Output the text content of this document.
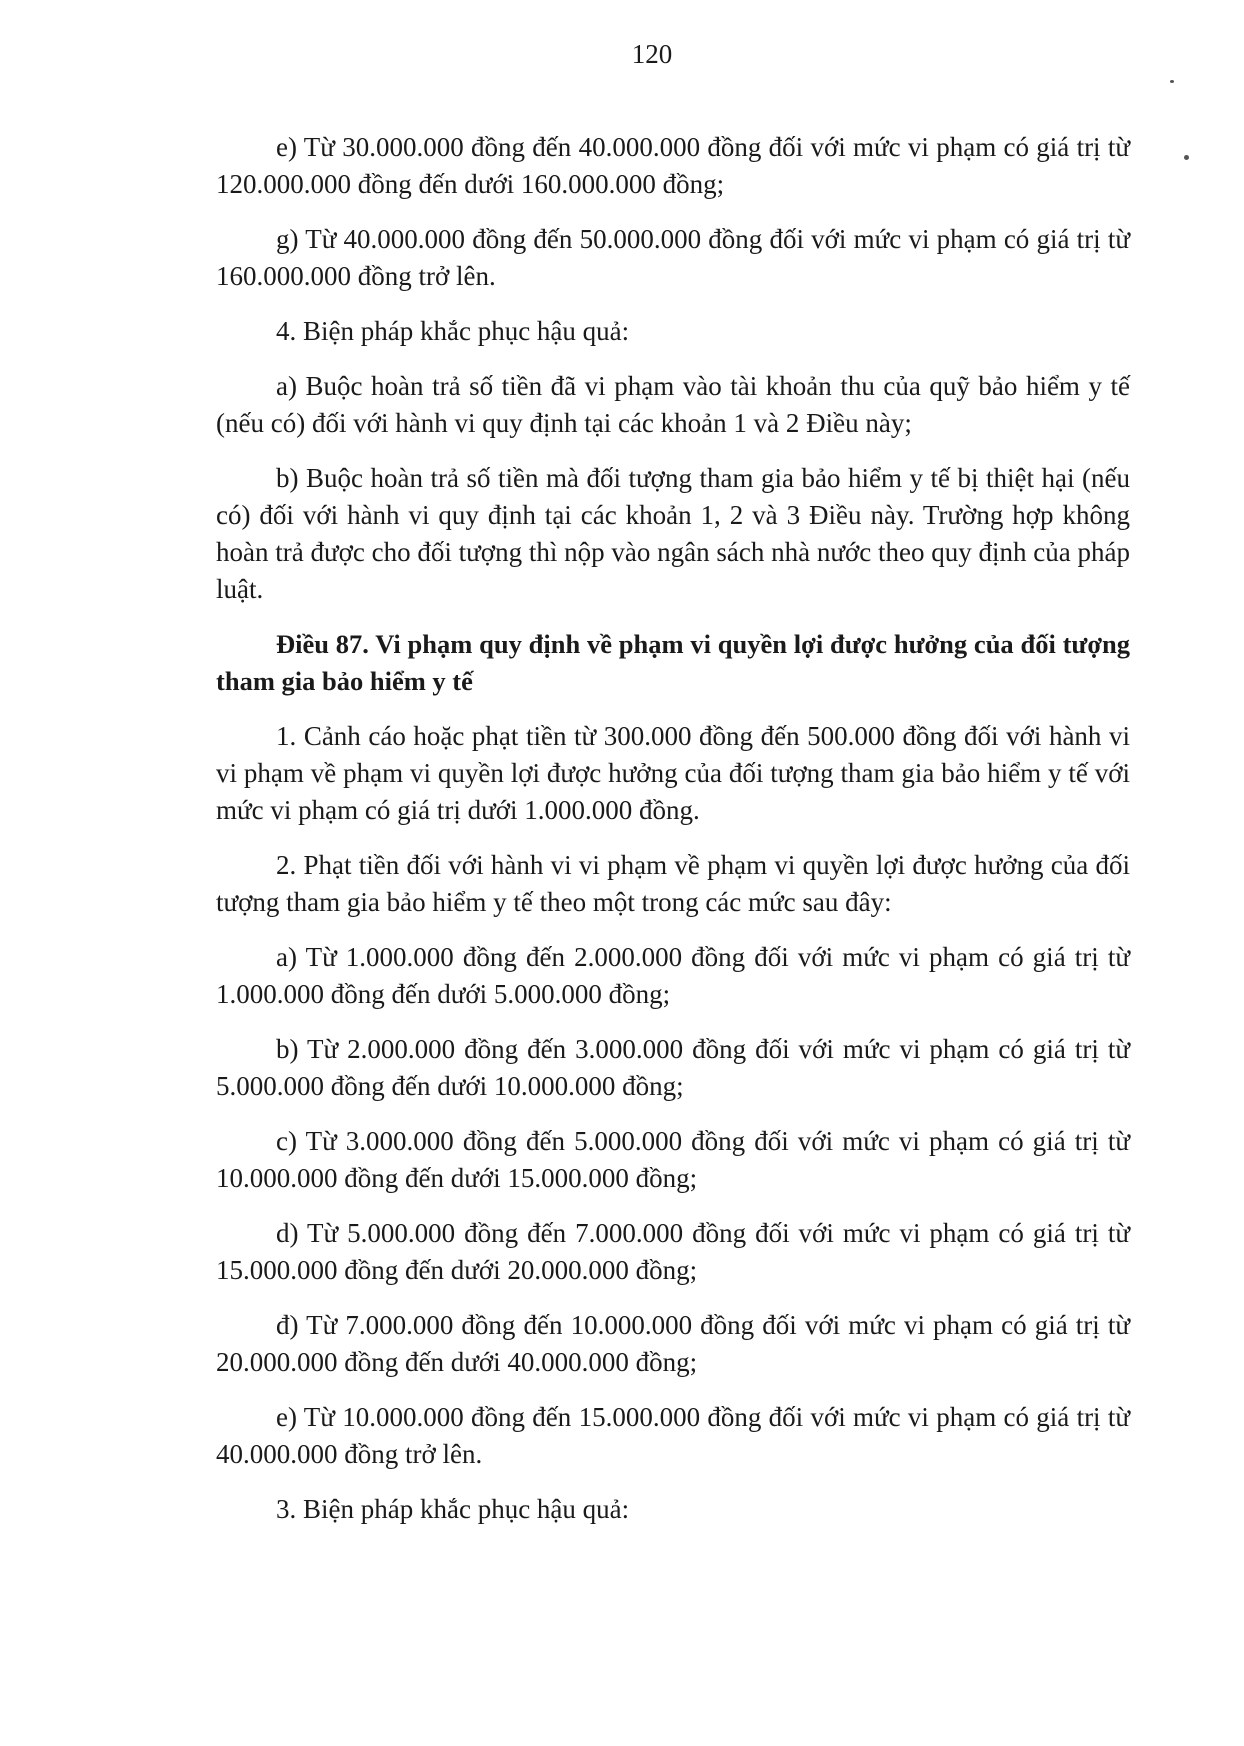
120

e) Từ 30.000.000 đồng đến 40.000.000 đồng đối với mức vi phạm có giá trị từ 120.000.000 đồng đến dưới 160.000.000 đồng;

g) Từ 40.000.000 đồng đến 50.000.000 đồng đối với mức vi phạm có giá trị từ 160.000.000 đồng trở lên.

4. Biện pháp khắc phục hậu quả:

a) Buộc hoàn trả số tiền đã vi phạm vào tài khoản thu của quỹ bảo hiểm y tế (nếu có) đối với hành vi quy định tại các khoản 1 và 2 Điều này;

b) Buộc hoàn trả số tiền mà đối tượng tham gia bảo hiểm y tế bị thiệt hại (nếu có) đối với hành vi quy định tại các khoản 1, 2 và 3 Điều này. Trường hợp không hoàn trả được cho đối tượng thì nộp vào ngân sách nhà nước theo quy định của pháp luật.

Điều 87. Vi phạm quy định về phạm vi quyền lợi được hưởng của đối tượng tham gia bảo hiểm y tế

1. Cảnh cáo hoặc phạt tiền từ 300.000 đồng đến 500.000 đồng đối với hành vi vi phạm về phạm vi quyền lợi được hưởng của đối tượng tham gia bảo hiểm y tế với mức vi phạm có giá trị dưới 1.000.000 đồng.

2. Phạt tiền đối với hành vi vi phạm về phạm vi quyền lợi được hưởng của đối tượng tham gia bảo hiểm y tế theo một trong các mức sau đây:

a) Từ 1.000.000 đồng đến 2.000.000 đồng đối với mức vi phạm có giá trị từ 1.000.000 đồng đến dưới 5.000.000 đồng;

b) Từ 2.000.000 đồng đến 3.000.000 đồng đối với mức vi phạm có giá trị từ 5.000.000 đồng đến dưới 10.000.000 đồng;

c) Từ 3.000.000 đồng đến 5.000.000 đồng đối với mức vi phạm có giá trị từ 10.000.000 đồng đến dưới 15.000.000 đồng;

d) Từ 5.000.000 đồng đến 7.000.000 đồng đối với mức vi phạm có giá trị từ 15.000.000 đồng đến dưới 20.000.000 đồng;

đ) Từ 7.000.000 đồng đến 10.000.000 đồng đối với mức vi phạm có giá trị từ 20.000.000 đồng đến dưới 40.000.000 đồng;

e) Từ 10.000.000 đồng đến 15.000.000 đồng đối với mức vi phạm có giá trị từ 40.000.000 đồng trở lên.

3. Biện pháp khắc phục hậu quả:
